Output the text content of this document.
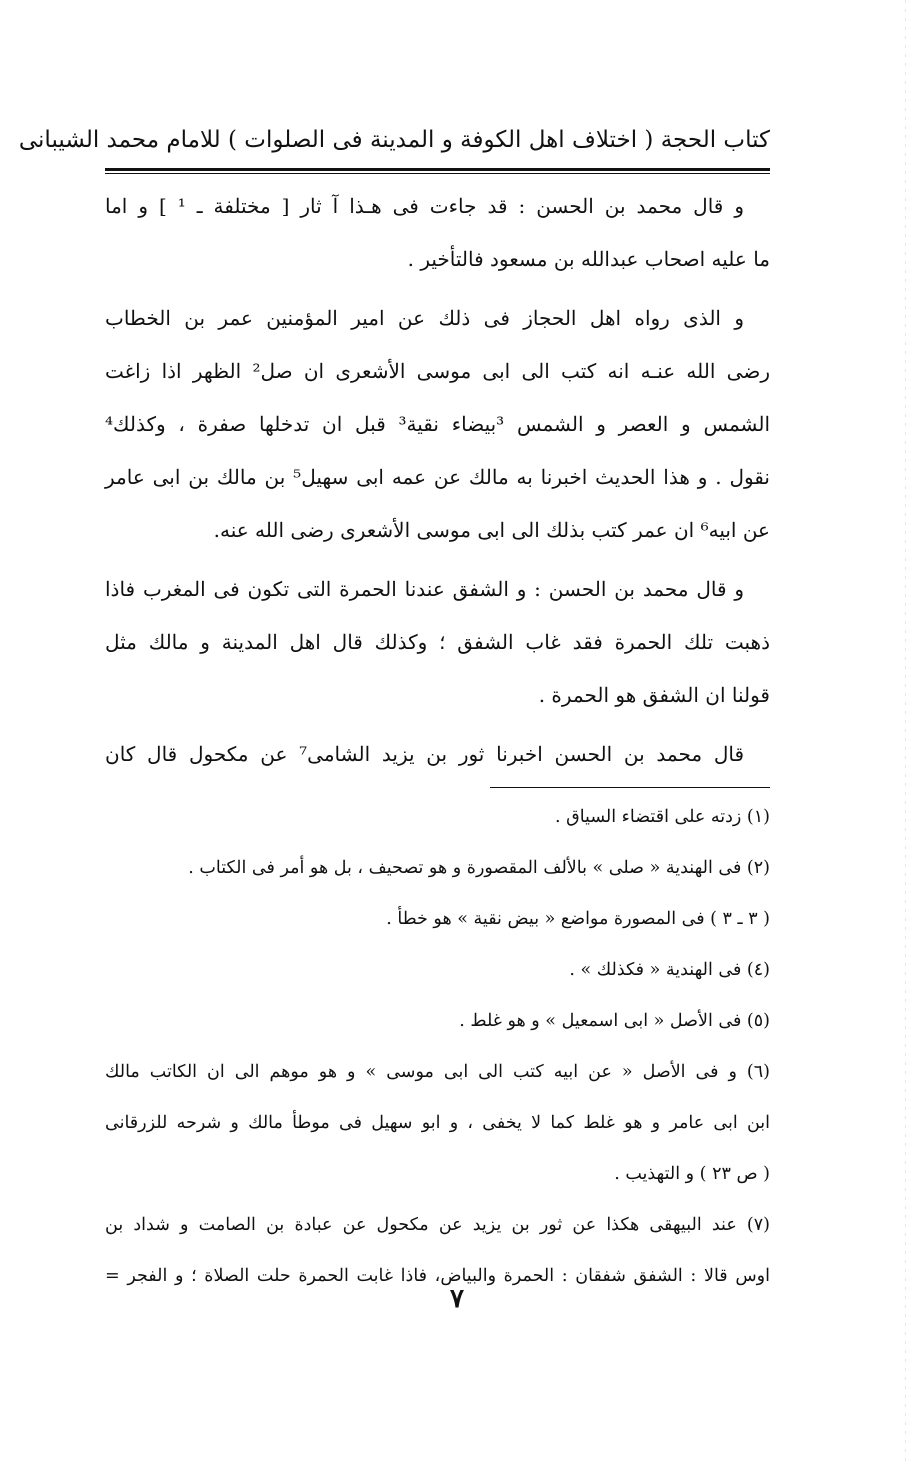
كتاب الحجة ( اختلاف اهل الكوفة و المدينة فى الصلوات ) للامام محمد الشيبانى

و قال محمد بن الحسن : قد جاءت فى هـذا آ ثار [ مختلفة ـ ¹ ] و اما
ما عليه اصحاب عبدالله بن مسعود فالتأخير .

و الذى رواه اهل الحجاز فى ذلك عن امير المؤمنين عمر بن الخطاب
رضى الله عنـه انه كتب الى ابى موسى الأشعرى ان صل² الظهر اذا زاغت
الشمس و العصر و الشمس ³بيضاء نقية³ قبل ان تدخلها صفرة ، وكذلك⁴
نقول . و هذا الحديث اخبرنا به مالك عن عمه ابى سهيل⁵ بن مالك بن ابى عامر
عن ابيه⁶ ان عمر كتب بذلك الى ابى موسى الأشعرى رضى الله عنه.

و قال محمد بن الحسن : و الشفق عندنا الحمرة التى تكون فى المغرب فاذا
ذهبت تلك الحمرة فقد غاب الشفق ؛ وكذلك قال اهل المدينة و مالك مثل
قولنا ان الشفق هو الحمرة .

قال محمد بن الحسن اخبرنا ثور بن يزيد الشامى⁷ عن مكحول قال كان

(١) زدته على اقتضاء السياق .

(٢) فى الهندية « صلى » بالألف المقصورة و هو تصحيف ، بل هو أمر فى الكتاب .

( ٣ ـ ٣ ) فى المصورة مواضع « بيض نقية » هو خطأ .

(٤) فى الهندية « فكذلك » .

(٥) فى الأصل « ابى اسمعيل » و هو غلط .

(٦) و فى الأصل « عن ابيه كتب الى ابى موسى » و هو موهم الى ان الكاتب مالك
ابن ابى عامر و هو غلط كما لا يخفى ، و ابو سهيل فى موطأ مالك و شرحه للزرقانى
( ص ٢٣ ) و التهذيب .

(٧) عند البيهقى هكذا عن ثور بن يزيد عن مكحول عن عبادة بن الصامت و شداد بن
اوس قالا : الشفق شفقان : الحمرة والبياض، فاذا غابت الحمرة حلت الصلاة ؛ و الفجر =

٧
